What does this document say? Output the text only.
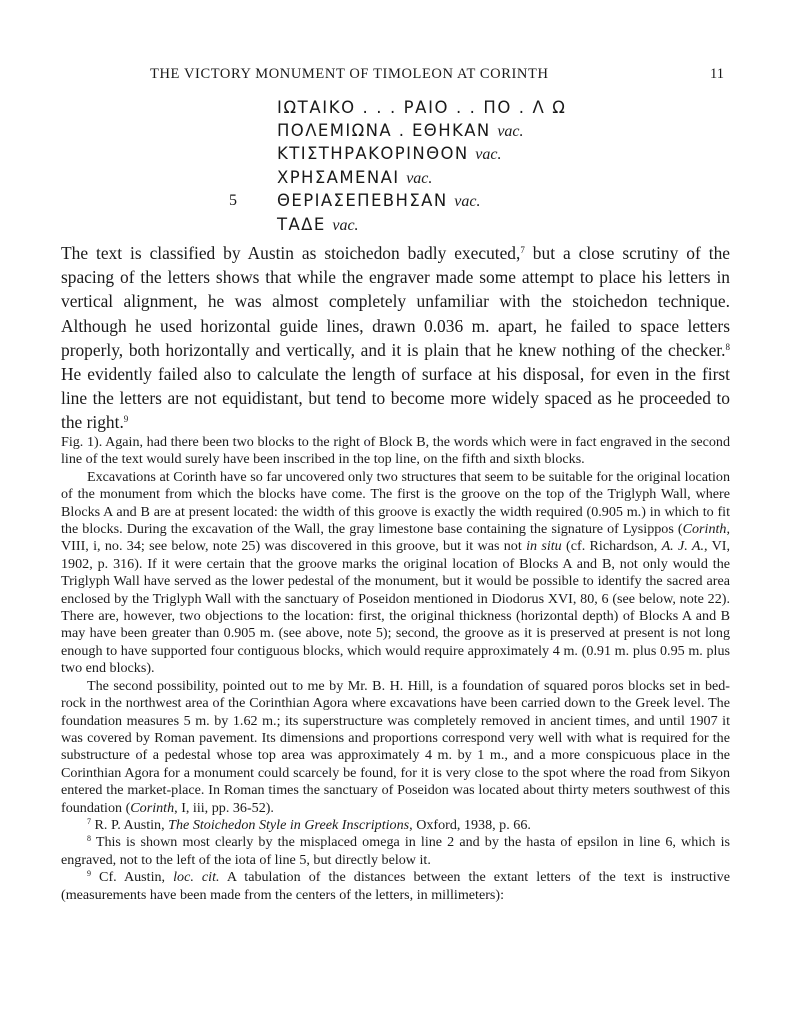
THE VICTORY MONUMENT OF TIMOLEON AT CORINTH	11
ΙΩΤΑΙΚΟ . . . ΡΑΙΟ . . ΠΟ . Λ Ω
ΠΟΛΕΜΙΩΝΑ . ΕΘΗΚΑΝ vac.
ΚΤΙΣΤΗΡΑΚΟΡΙΝΘΟΝ vac.
ΧΡΗΣΑΜΕΝΑΙ vac.
5 ΘΕΡΙΑΣΕΠΕΒΗΣΑΝ vac.
ΤΑΔΕ vac.

The text is classified by Austin as stoichedon badly executed,$^7$ but a close scrutiny of the spacing of the letters shows that while the engraver made some attempt to place his letters in vertical alignment, he was almost completely unfamiliar with the stoichedon technique. Although he used horizontal guide lines, drawn 0.036 m. apart, he failed to space letters properly, both horizontally and vertically, and it is plain that he knew nothing of the checker.$^8$ He evidently failed also to calculate the length of surface at his disposal, for even in the first line the letters are not equidistant, but tend to become more widely spaced as he proceeded to the right.$^9$

Fig. 1). Again, had there been two blocks to the right of Block B, the words which were in fact engraved in the second line of the text would surely have been inscribed in the top line, on the fifth and sixth blocks.

Excavations at Corinth have so far uncovered only two structures that seem to be suitable for the original location of the monument from which the blocks have come. The first is the groove on the top of the Triglyph Wall, where Blocks A and B are at present located: the width of this groove is exactly the width required (0.905 m.) in which to fit the blocks. During the excavation of the Wall, the gray limestone base containing the signature of Lysippos (Corinth, VIII, i, no. 34; see below, note 25) was discovered in this groove, but it was not in situ (cf. Richardson, A. J. A., VI, 1902, p. 316). If it were certain that the groove marks the original location of Blocks A and B, not only would the Triglyph Wall have served as the lower pedestal of the monument, but it would be possible to identify the sacred area enclosed by the Triglyph Wall with the sanctuary of Poseidon mentioned in Diodorus XVI, 80, 6 (see below, note 22). There are, however, two objections to the location: first, the original thickness (horizontal depth) of Blocks A and B may have been greater than 0.905 m. (see above, note 5); second, the groove as it is preserved at present is not long enough to have supported four contiguous blocks, which would require approximately 4 m. (0.91 m. plus 0.95 m. plus two end blocks).

The second possibility, pointed out to me by Mr. B. H. Hill, is a foundation of squared poros blocks set in bed-rock in the northwest area of the Corinthian Agora where excavations have been carried down to the Greek level. The foundation measures 5 m. by 1.62 m.; its superstructure was completely removed in ancient times, and until 1907 it was covered by Roman pavement. Its dimensions and proportions correspond very well with what is required for the substructure of a pedestal whose top area was approximately 4 m. by 1 m., and a more conspicuous place in the Corinthian Agora for a monument could scarcely be found, for it is very close to the spot where the road from Sikyon entered the market-place. In Roman times the sanctuary of Poseidon was located about thirty meters southwest of this foundation (Corinth, I, iii, pp. 36-52).

$^7$ R. P. Austin, The Stoichedon Style in Greek Inscriptions, Oxford, 1938, p. 66.

$^8$ This is shown most clearly by the misplaced omega in line 2 and by the hasta of epsilon in line 6, which is engraved, not to the left of the iota of line 5, but directly below it.

$^9$ Cf. Austin, loc. cit. A tabulation of the distances between the extant letters of the text is instructive (measurements have been made from the centers of the letters, in millimeters):
